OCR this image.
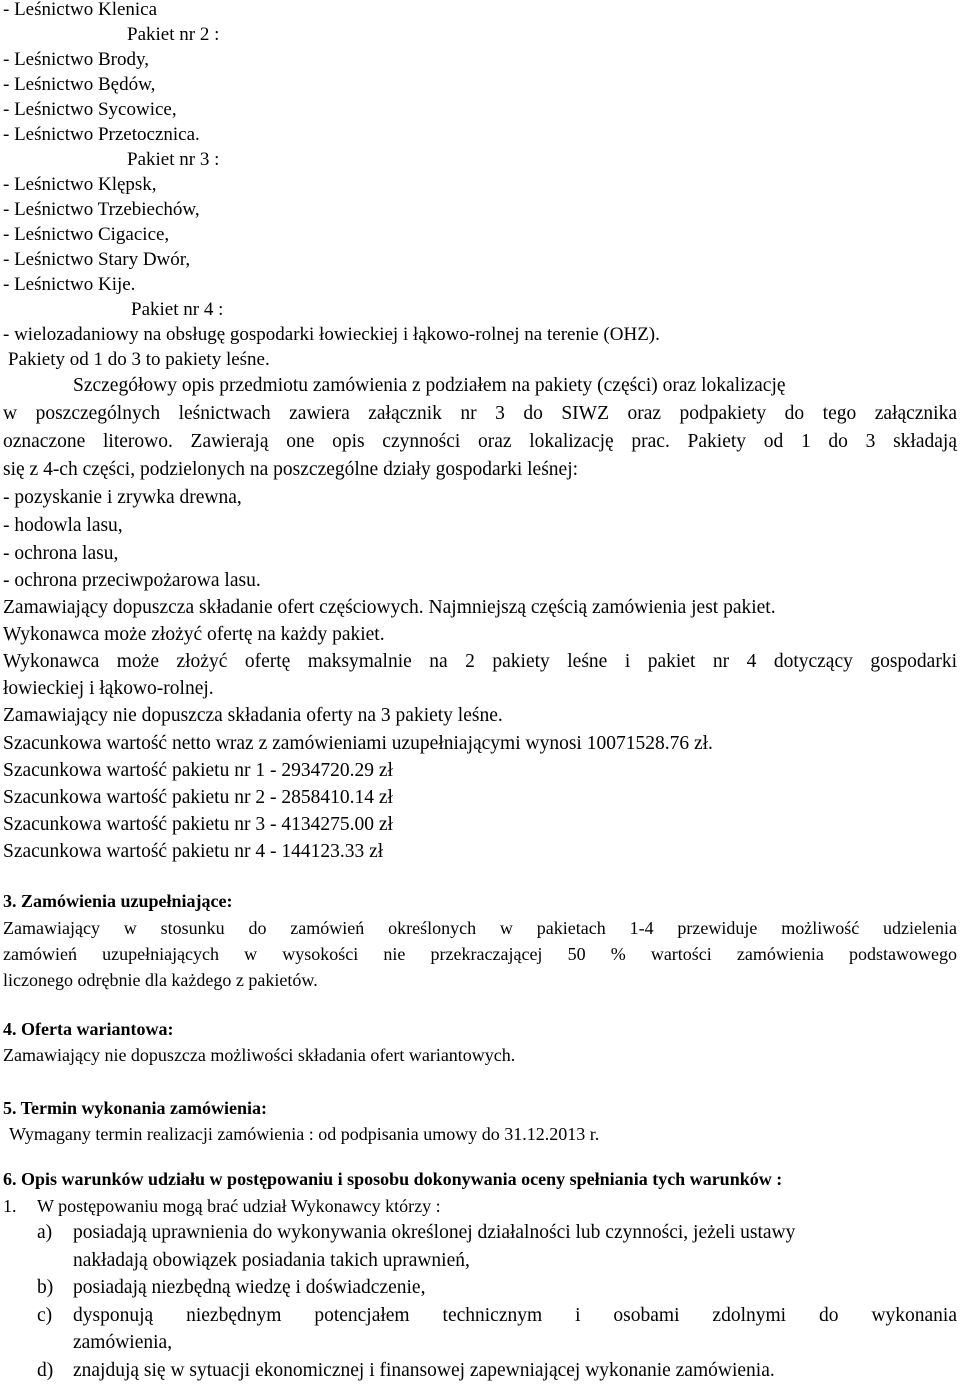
- Leśnictwo Klenica
Pakiet nr 2 :
- Leśnictwo Brody,
- Leśnictwo Będów,
- Leśnictwo Sycowice,
- Leśnictwo Przetocznica.
Pakiet nr 3 :
- Leśnictwo Klępsk,
- Leśnictwo Trzebiechów,
- Leśnictwo Cigacice,
- Leśnictwo Stary Dwór,
- Leśnictwo Kije.
Pakiet nr 4 :
- wielozadaniowy na obsługę gospodarki łowieckiej i łąkowo-rolnej na terenie (OHZ).
Pakiety od 1 do 3 to pakiety leśne.
Szczegółowy opis przedmiotu zamówienia z podziałem na pakiety (części) oraz lokalizację
w poszczególnych leśnictwach zawiera załącznik nr 3 do SIWZ oraz podpakiety do tego załącznika
oznaczone literowo. Zawierają one opis czynności oraz lokalizację prac. Pakiety od 1 do 3 składają
się z 4-ch części, podzielonych na poszczególne działy gospodarki leśnej:
- pozyskanie i zrywka drewna,
- hodowla lasu,
- ochrona lasu,
- ochrona przeciwpożarowa lasu.
Zamawiający dopuszcza składanie ofert częściowych. Najmniejszą częścią zamówienia jest pakiet.
Wykonawca może złożyć ofertę na każdy pakiet.
Wykonawca może złożyć ofertę maksymalnie na 2 pakiety leśne i pakiet nr 4 dotyczący gospodarki
łowieckiej i łąkowo-rolnej.
Zamawiający nie dopuszcza składania oferty na 3 pakiety leśne.
Szacunkowa wartość netto wraz z zamówieniami uzupełniającymi wynosi 10071528.76 zł.
Szacunkowa wartość pakietu nr 1 - 2934720.29 zł
Szacunkowa wartość pakietu nr 2 - 2858410.14 zł
Szacunkowa wartość pakietu nr 3 - 4134275.00 zł
Szacunkowa wartość pakietu nr 4 - 144123.33 zł
3. Zamówienia uzupełniające:
Zamawiający w stosunku do zamówień określonych w pakietach 1-4 przewiduje możliwość udzielenia
zamówień uzupełniających w wysokości nie przekraczającej 50 % wartości zamówienia podstawowego
liczonego odrębnie dla każdego z pakietów.
4. Oferta wariantowa:
Zamawiający nie dopuszcza możliwości składania ofert wariantowych.
5. Termin wykonania zamówienia:
Wymagany termin realizacji zamówienia : od podpisania umowy do 31.12.2013 r.
6. Opis warunków udziału w postępowaniu i sposobu dokonywania oceny spełniania tych warunków :
1. W postępowaniu mogą brać udział Wykonawcy którzy :
a) posiadają uprawnienia do wykonywania określonej działalności lub czynności, jeżeli ustawy
nakładają obowiązek posiadania takich uprawnień,
b) posiadają niezbędną wiedzę i doświadczenie,
c) dysponują niezbędnym potencjałem technicznym i osobami zdolnymi do wykonania
zamówienia,
d) znajdują się w sytuacji ekonomicznej i finansowej zapewniającej wykonanie zamówienia.
